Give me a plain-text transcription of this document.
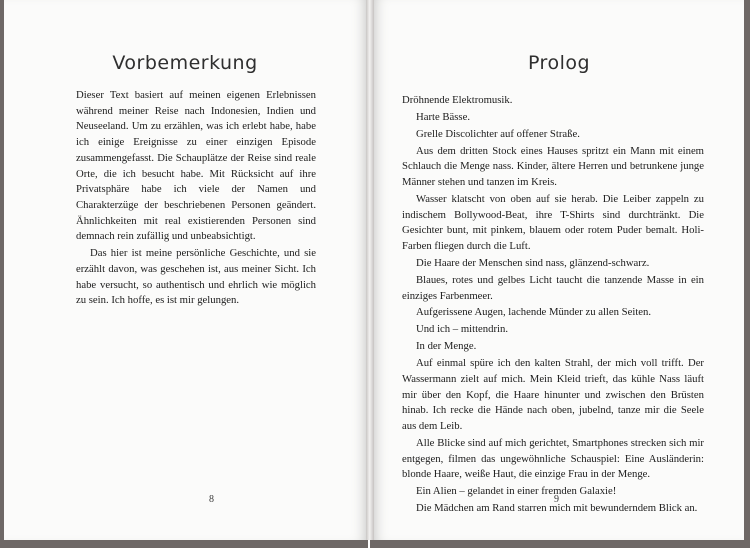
Vorbemerkung

Dieser Text basiert auf meinen eigenen Erlebnissen während meiner Reise nach Indonesien, Indien und Neuseeland. Um zu erzählen, was ich erlebt habe, habe ich einige Ereignisse zu einer einzigen Episode zusammengefasst. Die Schauplätze der Reise sind reale Orte, die ich besucht habe. Mit Rücksicht auf ihre Privatsphäre habe ich viele der Namen und Charakterzüge der beschriebenen Personen geändert. Ähnlichkeiten mit real existierenden Personen sind demnach rein zufällig und unbeabsichtigt.

Das hier ist meine persönliche Geschichte, und sie erzählt davon, was geschehen ist, aus meiner Sicht. Ich habe versucht, so authentisch und ehrlich wie möglich zu sein. Ich hoffe, es ist mir gelungen.

8
Prolog

Dröhnende Elektromusik.

Harte Bässe.

Grelle Discolichter auf offener Straße.

Aus dem dritten Stock eines Hauses spritzt ein Mann mit einem Schlauch die Menge nass. Kinder, ältere Herren und betrunkene junge Männer stehen und tanzen im Kreis.

Wasser klatscht von oben auf sie herab. Die Leiber zappeln zu indischem Bollywood-Beat, ihre T-Shirts sind durchtränkt. Die Gesichter bunt, mit pinkem, blauem oder rotem Puder bemalt. Holi-Farben fliegen durch die Luft.

Die Haare der Menschen sind nass, glänzend-schwarz.

Blaues, rotes und gelbes Licht taucht die tanzende Masse in ein einziges Farbenmeer.

Aufgerissene Augen, lachende Münder zu allen Seiten.

Und ich – mittendrin.

In der Menge.

Auf einmal spüre ich den kalten Strahl, der mich voll trifft. Der Wassermann zielt auf mich. Mein Kleid trieft, das kühle Nass läuft mir über den Kopf, die Haare hinunter und zwischen den Brüsten hinab. Ich recke die Hände nach oben, jubelnd, tanze mir die Seele aus dem Leib.

Alle Blicke sind auf mich gerichtet, Smartphones strecken sich mir entgegen, filmen das ungewöhnliche Schauspiel: Eine Ausländerin: blonde Haare, weiße Haut, die einzige Frau in der Menge.

Ein Alien – gelandet in einer fremden Galaxie!

Die Mädchen am Rand starren mich mit bewunderndem Blick an.

9
